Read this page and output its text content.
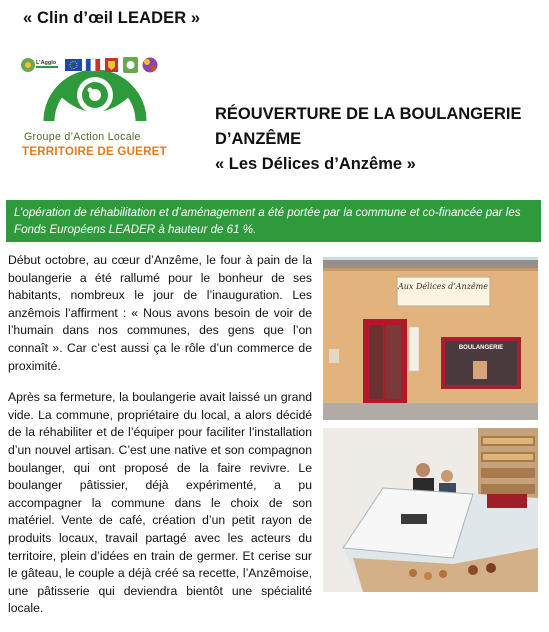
« Clin d’œil LEADER »
Groupe d’Action Locale
TERRITOIRE DE GUERET
L’Agglo
RÉOUVERTURE DE LA BOULANGERIE
D’ANZÊME
« Les Délices d’Anzême »

L’opération de réhabilitation et d’aménagement a été portée par la commune et co-financée par les Fonds Européens LEADER à hauteur de 61 %.

Début octobre, au cœur d’Anzême, le four à pain de la boulangerie a été rallumé pour le bonheur de ses habitants, nombreux le jour de l’inauguration. Les anzêmois l’affirment : « Nous avons besoin de voir de l’humain dans nos communes, des gens que l’on connaît ». Car c’est aussi ça le rôle d’un commerce de proximité.

Après sa fermeture, la boulangerie avait laissé un grand vide. La commune, propriétaire du local, a alors décidé de la réhabiliter et de l’équiper pour faciliter l’installation d’un nouvel artisan. C’est une native et son compagnon boulanger, qui ont proposé de la faire revivre. Le boulanger pâtissier, déjà expérimenté, a pu accompagner la commune dans le choix de son matériel. Vente de café, création d’un petit rayon de produits locaux, travail partagé avec les acteurs du territoire, plein d’idées en train de germer. Et cerise sur le gâteau, le couple a déjà créé sa recette, l’Anzêmoise, une pâtisserie qui deviendra bientôt une spécialité locale.

Aux Délices d’Anzême
BOULANGERIE
